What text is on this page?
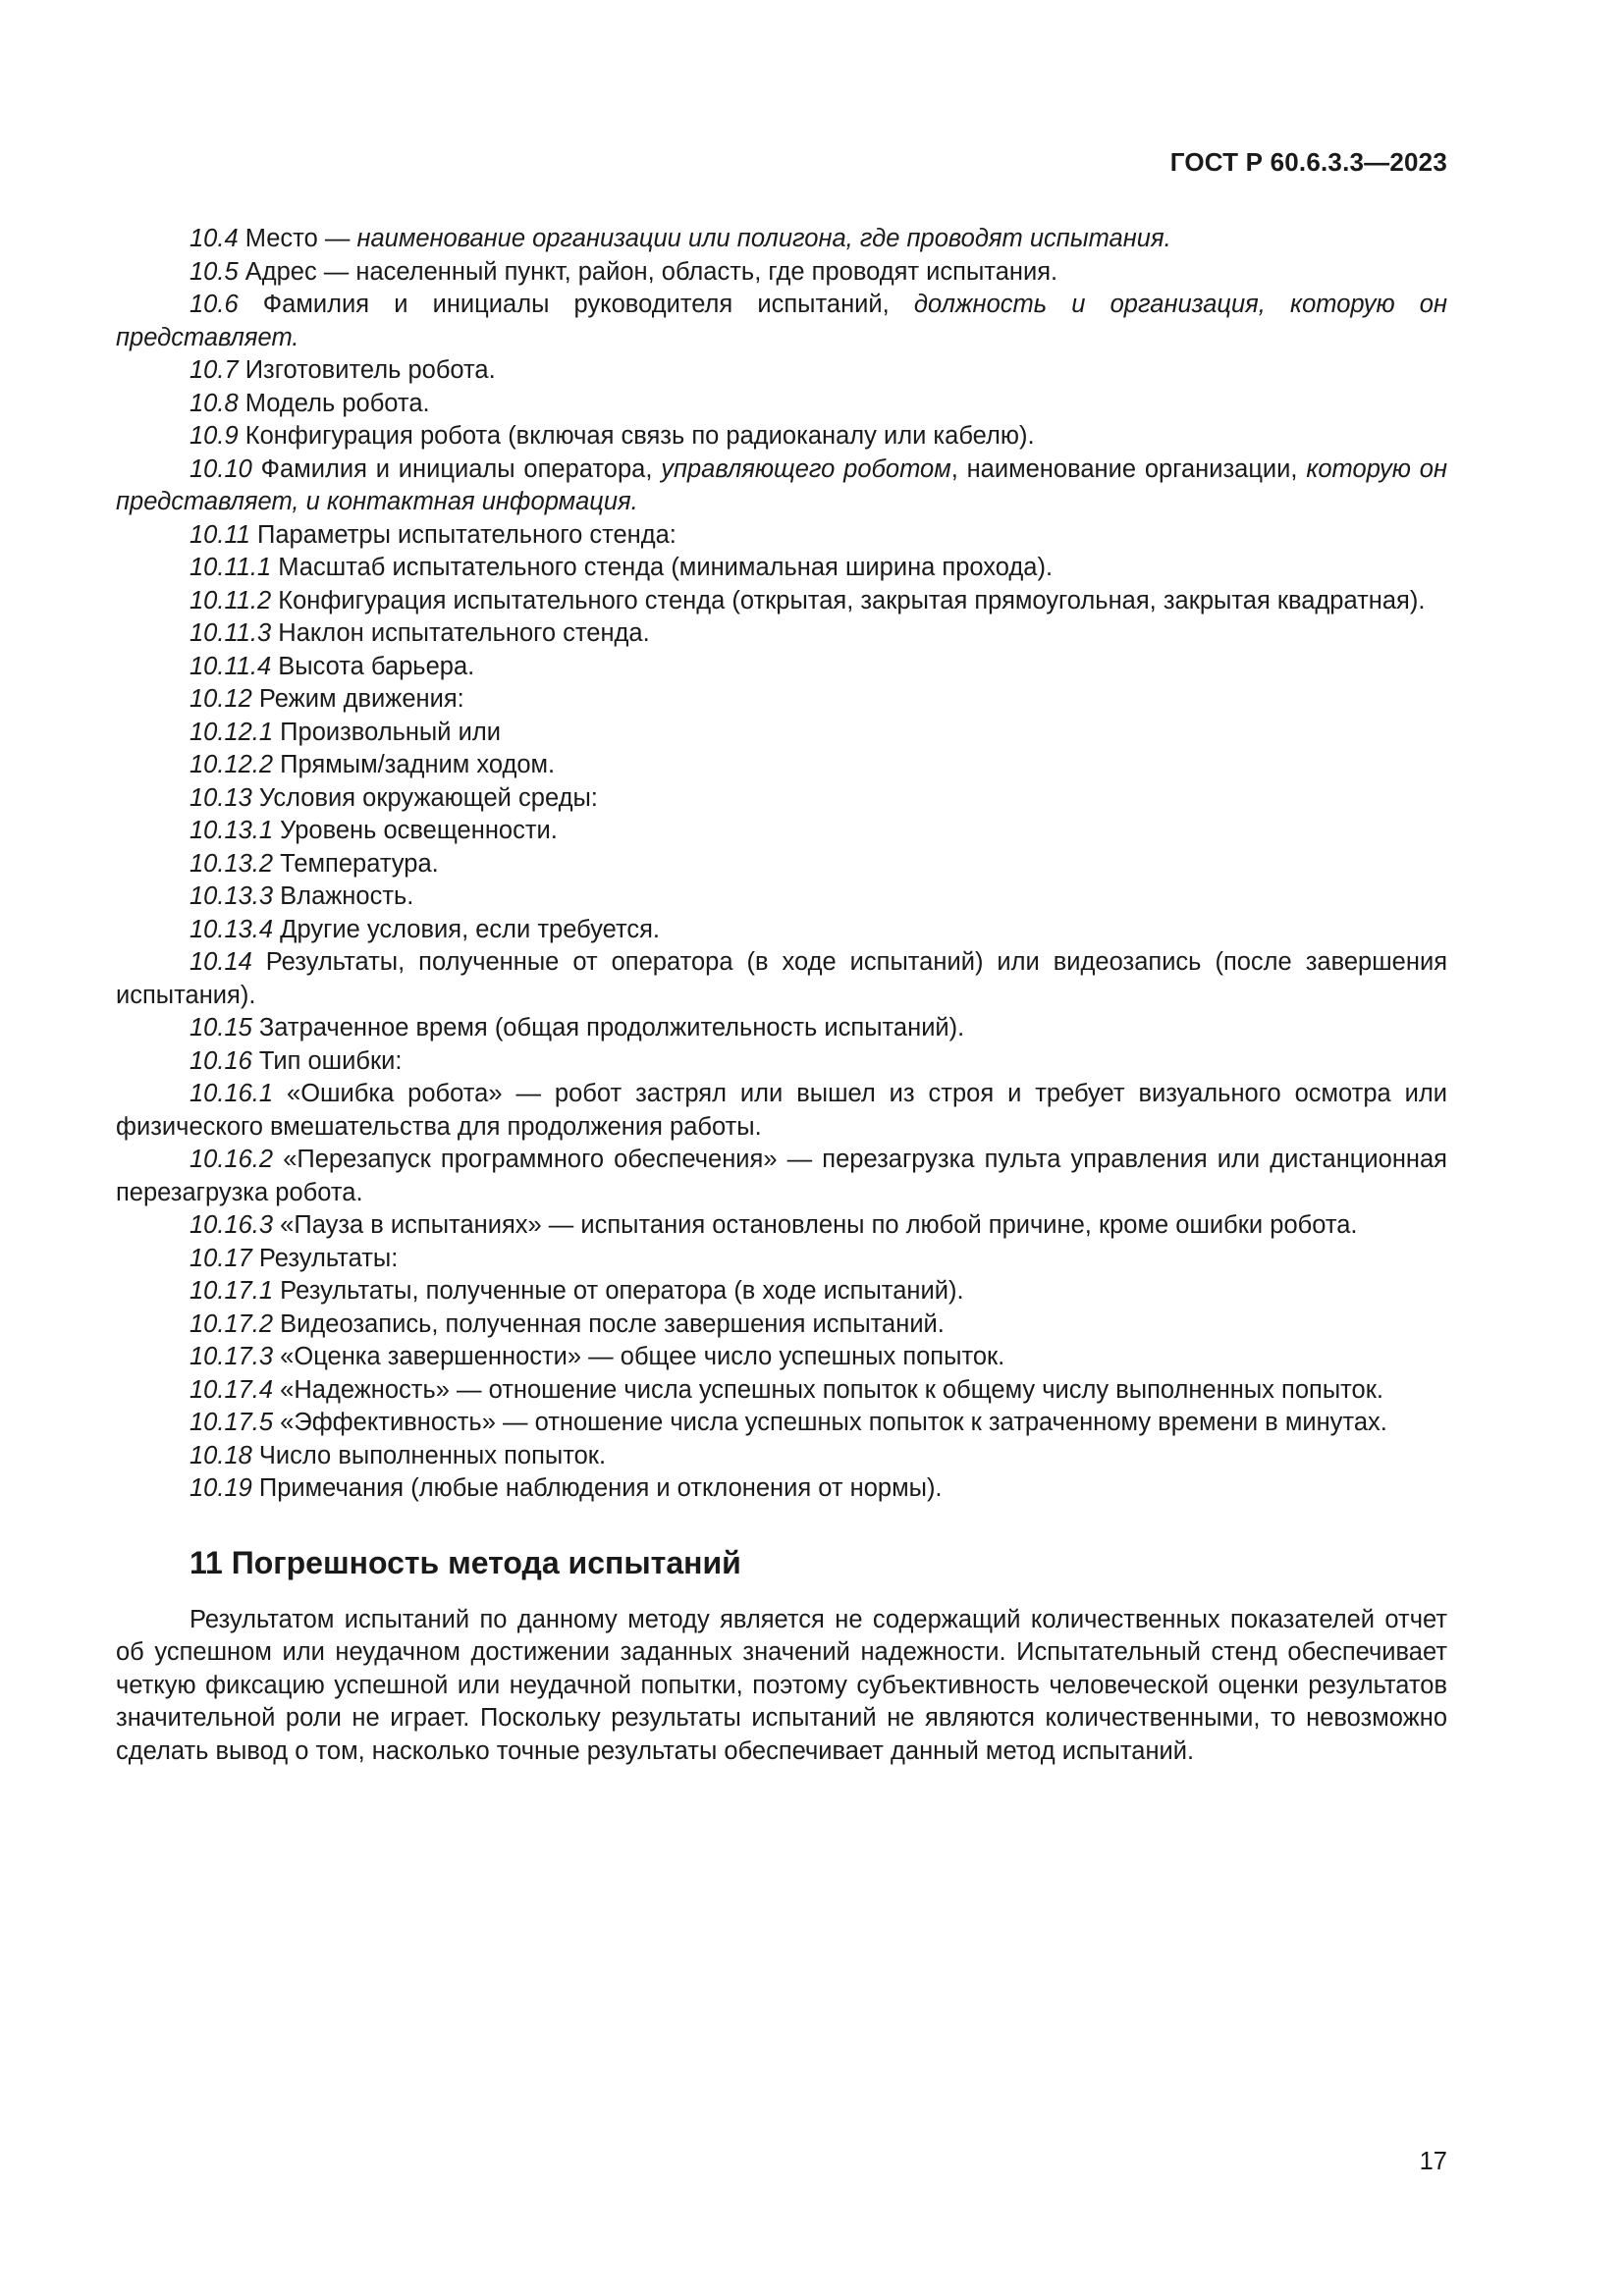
ГОСТ Р 60.6.3.3—2023

10.4 Место — наименование организации или полигона, где проводят испытания.

10.5 Адрес — населенный пункт, район, область, где проводят испытания.

10.6 Фамилия и инициалы руководителя испытаний, должность и организация, которую он представляет.

10.7 Изготовитель робота.

10.8 Модель робота.

10.9 Конфигурация робота (включая связь по радиоканалу или кабелю).

10.10 Фамилия и инициалы оператора, управляющего роботом, наименование организации, которую он представляет, и контактная информация.

10.11 Параметры испытательного стенда:

10.11.1 Масштаб испытательного стенда (минимальная ширина прохода).

10.11.2 Конфигурация испытательного стенда (открытая, закрытая прямоугольная, закрытая квадратная).

10.11.3 Наклон испытательного стенда.

10.11.4 Высота барьера.

10.12 Режим движения:

10.12.1 Произвольный или

10.12.2 Прямым/задним ходом.

10.13 Условия окружающей среды:

10.13.1 Уровень освещенности.

10.13.2 Температура.

10.13.3 Влажность.

10.13.4 Другие условия, если требуется.

10.14 Результаты, полученные от оператора (в ходе испытаний) или видеозапись (после завершения испытания).

10.15 Затраченное время (общая продолжительность испытаний).

10.16 Тип ошибки:

10.16.1 «Ошибка робота» — робот застрял или вышел из строя и требует визуального осмотра или физического вмешательства для продолжения работы.

10.16.2 «Перезапуск программного обеспечения» — перезагрузка пульта управления или дистанционная перезагрузка робота.

10.16.3 «Пауза в испытаниях» — испытания остановлены по любой причине, кроме ошибки робота.

10.17 Результаты:

10.17.1 Результаты, полученные от оператора (в ходе испытаний).

10.17.2 Видеозапись, полученная после завершения испытаний.

10.17.3 «Оценка завершенности» — общее число успешных попыток.

10.17.4 «Надежность» — отношение числа успешных попыток к общему числу выполненных попыток.

10.17.5 «Эффективность» — отношение числа успешных попыток к затраченному времени в минутах.

10.18 Число выполненных попыток.

10.19 Примечания (любые наблюдения и отклонения от нормы).

11 Погрешность метода испытаний

Результатом испытаний по данному методу является не содержащий количественных показателей отчет об успешном или неудачном достижении заданных значений надежности. Испытательный стенд обеспечивает четкую фиксацию успешной или неудачной попытки, поэтому субъективность человеческой оценки результатов значительной роли не играет. Поскольку результаты испытаний не являются количественными, то невозможно сделать вывод о том, насколько точные результаты обеспечивает данный метод испытаний.

17
